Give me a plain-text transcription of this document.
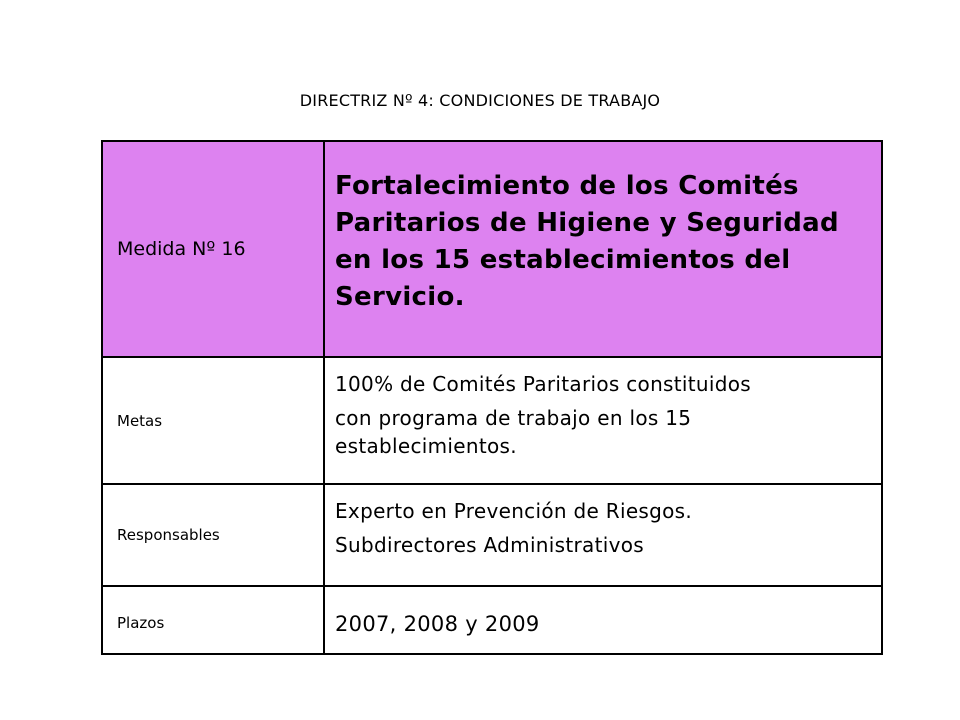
DIRECTRIZ Nº 4: CONDICIONES DE TRABAJO
Medida Nº 16	Fortalecimiento de los Comités Paritarios de Higiene y Seguridad en los 15 establecimientos del Servicio.

Metas	100% de Comités Paritarios constituidos
con programa de trabajo en los 15 establecimientos.

Responsables	Experto en Prevención de Riesgos.
Subdirectores Administrativos

Plazos	2007, 2008 y 2009
